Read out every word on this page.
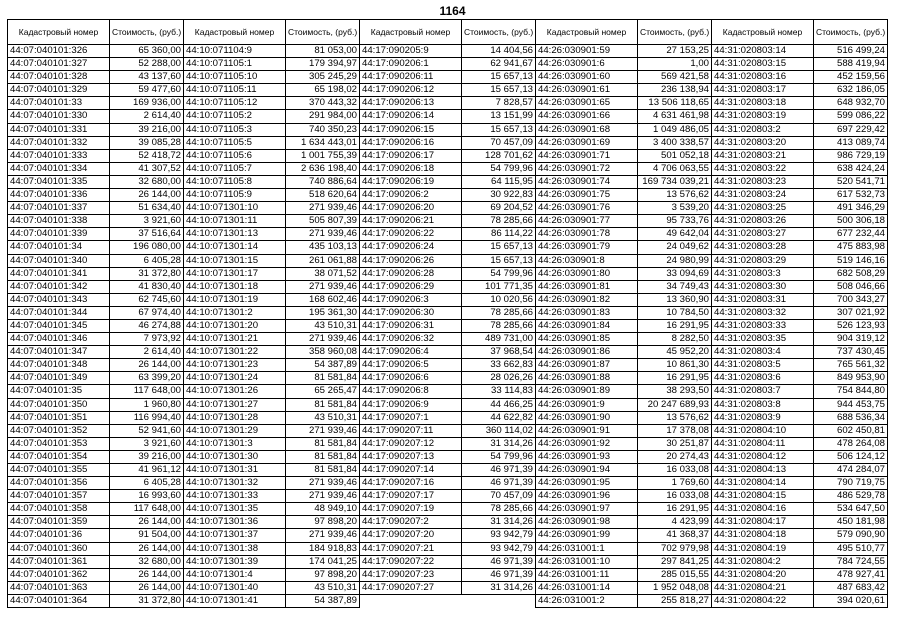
1164
Кадастровый номер	Стоимость, (руб.)
44:07:040101:326	65 360,00
44:07:040101:327	52 288,00
44:07:040101:328	43 137,60
44:07:040101:329	59 477,60
44:07:040101:33	169 936,00
44:07:040101:330	2 614,40
44:07:040101:331	39 216,00
44:07:040101:332	39 085,28
44:07:040101:333	52 418,72
44:07:040101:334	41 307,52
44:07:040101:335	32 680,00
44:07:040101:336	26 144,00
44:07:040101:337	51 634,40
44:07:040101:338	3 921,60
44:07:040101:339	37 516,64
44:07:040101:34	196 080,00
44:07:040101:340	6 405,28
44:07:040101:341	31 372,80
44:07:040101:342	41 830,40
44:07:040101:343	62 745,60
44:07:040101:344	67 974,40
44:07:040101:345	46 274,88
44:07:040101:346	7 973,92
44:07:040101:347	2 614,40
44:07:040101:348	26 144,00
44:07:040101:349	63 399,20
44:07:040101:35	117 648,00
44:07:040101:350	1 960,80
44:07:040101:351	116 994,40
44:07:040101:352	52 941,60
44:07:040101:353	3 921,60
44:07:040101:354	39 216,00
44:07:040101:355	41 961,12
44:07:040101:356	6 405,28
44:07:040101:357	16 993,60
44:07:040101:358	117 648,00
44:07:040101:359	26 144,00
44:07:040101:36	91 504,00
44:07:040101:360	26 144,00
44:07:040101:361	32 680,00
44:07:040101:362	26 144,00
44:07:040101:363	26 144,00
44:07:040101:364	31 372,80
Кадастровый номер	Стоимость, (руб.)
44:10:071104:9	81 053,00
44:10:071105:1	179 394,97
44:10:071105:10	305 245,29
44:10:071105:11	65 198,02
44:10:071105:12	370 443,32
44:10:071105:2	291 984,00
44:10:071105:3	740 350,23
44:10:071105:5	1 634 443,01
44:10:071105:6	1 001 755,39
44:10:071105:7	2 636 198,40
44:10:071105:8	740 886,64
44:10:071105:9	518 620,64
44:10:071301:10	271 939,46
44:10:071301:11	505 807,39
44:10:071301:13	271 939,46
44:10:071301:14	435 103,13
44:10:071301:15	261 061,88
44:10:071301:17	38 071,52
44:10:071301:18	271 939,46
44:10:071301:19	168 602,46
44:10:071301:2	195 361,30
44:10:071301:20	43 510,31
44:10:071301:21	271 939,46
44:10:071301:22	358 960,08
44:10:071301:23	54 387,89
44:10:071301:24	81 581,84
44:10:071301:26	65 265,47
44:10:071301:27	81 581,84
44:10:071301:28	43 510,31
44:10:071301:29	271 939,46
44:10:071301:3	81 581,84
44:10:071301:30	81 581,84
44:10:071301:31	81 581,84
44:10:071301:32	271 939,46
44:10:071301:33	271 939,46
44:10:071301:35	48 949,10
44:10:071301:36	97 898,20
44:10:071301:37	271 939,46
44:10:071301:38	184 918,83
44:10:071301:39	174 041,25
44:10:071301:4	97 898,20
44:10:071301:40	43 510,31
44:10:071301:41	54 387,89
Кадастровый номер	Стоимость, (руб.)
44:17:090205:9	14 404,56
44:17:090206:1	62 941,67
44:17:090206:11	15 657,13
44:17:090206:12	15 657,13
44:17:090206:13	7 828,57
44:17:090206:14	13 151,99
44:17:090206:15	15 657,13
44:17:090206:16	70 457,09
44:17:090206:17	128 701,62
44:17:090206:18	54 799,96
44:17:090206:19	64 115,95
44:17:090206:2	30 922,83
44:17:090206:20	69 204,52
44:17:090206:21	78 285,66
44:17:090206:22	86 114,22
44:17:090206:24	15 657,13
44:17:090206:26	15 657,13
44:17:090206:28	54 799,96
44:17:090206:29	101 771,35
44:17:090206:3	10 020,56
44:17:090206:30	78 285,66
44:17:090206:31	78 285,66
44:17:090206:32	489 731,00
44:17:090206:4	37 968,54
44:17:090206:5	33 662,83
44:17:090206:6	28 026,26
44:17:090206:8	33 114,83
44:17:090206:9	44 466,25
44:17:090207:1	44 622,82
44:17:090207:11	360 114,02
44:17:090207:12	31 314,26
44:17:090207:13	54 799,96
44:17:090207:14	46 971,39
44:17:090207:16	46 971,39
44:17:090207:17	70 457,09
44:17:090207:19	78 285,66
44:17:090207:2	31 314,26
44:17:090207:20	93 942,79
44:17:090207:21	93 942,79
44:17:090207:22	46 971,39
44:17:090207:23	46 971,39
44:17:090207:27	31 314,26
Кадастровый номер	Стоимость, (руб.)
44:26:030901:59	27 153,25
44:26:030901:6	1,00
44:26:030901:60	569 421,58
44:26:030901:61	236 138,94
44:26:030901:65	13 506 118,65
44:26:030901:66	4 631 461,98
44:26:030901:68	1 049 486,05
44:26:030901:69	3 400 338,57
44:26:030901:71	501 052,18
44:26:030901:72	4 706 063,55
44:26:030901:74	169 734 039,21
44:26:030901:75	13 576,62
44:26:030901:76	3 539,20
44:26:030901:77	95 733,76
44:26:030901:78	49 642,04
44:26:030901:79	24 049,62
44:26:030901:8	24 980,99
44:26:030901:80	33 094,69
44:26:030901:81	34 749,43
44:26:030901:82	13 360,90
44:26:030901:83	10 784,50
44:26:030901:84	16 291,95
44:26:030901:85	8 282,50
44:26:030901:86	45 952,20
44:26:030901:87	10 861,30
44:26:030901:88	16 291,95
44:26:030901:89	38 293,50
44:26:030901:9	20 247 689,93
44:26:030901:90	13 576,62
44:26:030901:91	17 378,08
44:26:030901:92	30 251,87
44:26:030901:93	20 274,43
44:26:030901:94	16 033,08
44:26:030901:95	1 769,60
44:26:030901:96	16 033,08
44:26:030901:97	16 291,95
44:26:030901:98	4 423,99
44:26:030901:99	41 368,37
44:26:031001:1	702 979,98
44:26:031001:10	297 841,25
44:26:031001:11	285 015,55
44:26:031001:14	1 952 048,08
44:26:031001:2	255 818,27
Кадастровый номер	Стоимость, (руб.)
44:31:020803:14	516 499,24
44:31:020803:15	588 419,94
44:31:020803:16	452 159,56
44:31:020803:17	632 186,05
44:31:020803:18	648 932,70
44:31:020803:19	599 086,22
44:31:020803:2	697 229,42
44:31:020803:20	413 089,74
44:31:020803:21	986 729,19
44:31:020803:22	638 424,24
44:31:020803:23	520 541,71
44:31:020803:24	617 532,73
44:31:020803:25	491 346,29
44:31:020803:26	500 306,18
44:31:020803:27	677 232,44
44:31:020803:28	475 883,98
44:31:020803:29	519 146,16
44:31:020803:3	682 508,29
44:31:020803:30	508 046,66
44:31:020803:31	700 343,27
44:31:020803:32	307 021,92
44:31:020803:33	526 123,93
44:31:020803:35	904 319,12
44:31:020803:4	737 430,45
44:31:020803:5	765 561,32
44:31:020803:6	849 953,90
44:31:020803:7	754 844,80
44:31:020803:8	944 453,75
44:31:020803:9	688 536,34
44:31:020804:10	602 450,81
44:31:020804:11	478 264,08
44:31:020804:12	506 124,12
44:31:020804:13	474 284,07
44:31:020804:14	790 719,75
44:31:020804:15	486 529,78
44:31:020804:16	534 647,50
44:31:020804:17	450 181,98
44:31:020804:18	579 090,90
44:31:020804:19	495 510,77
44:31:020804:2	784 724,55
44:31:020804:20	478 927,41
44:31:020804:21	487 683,42
44:31:020804:22	394 020,61
